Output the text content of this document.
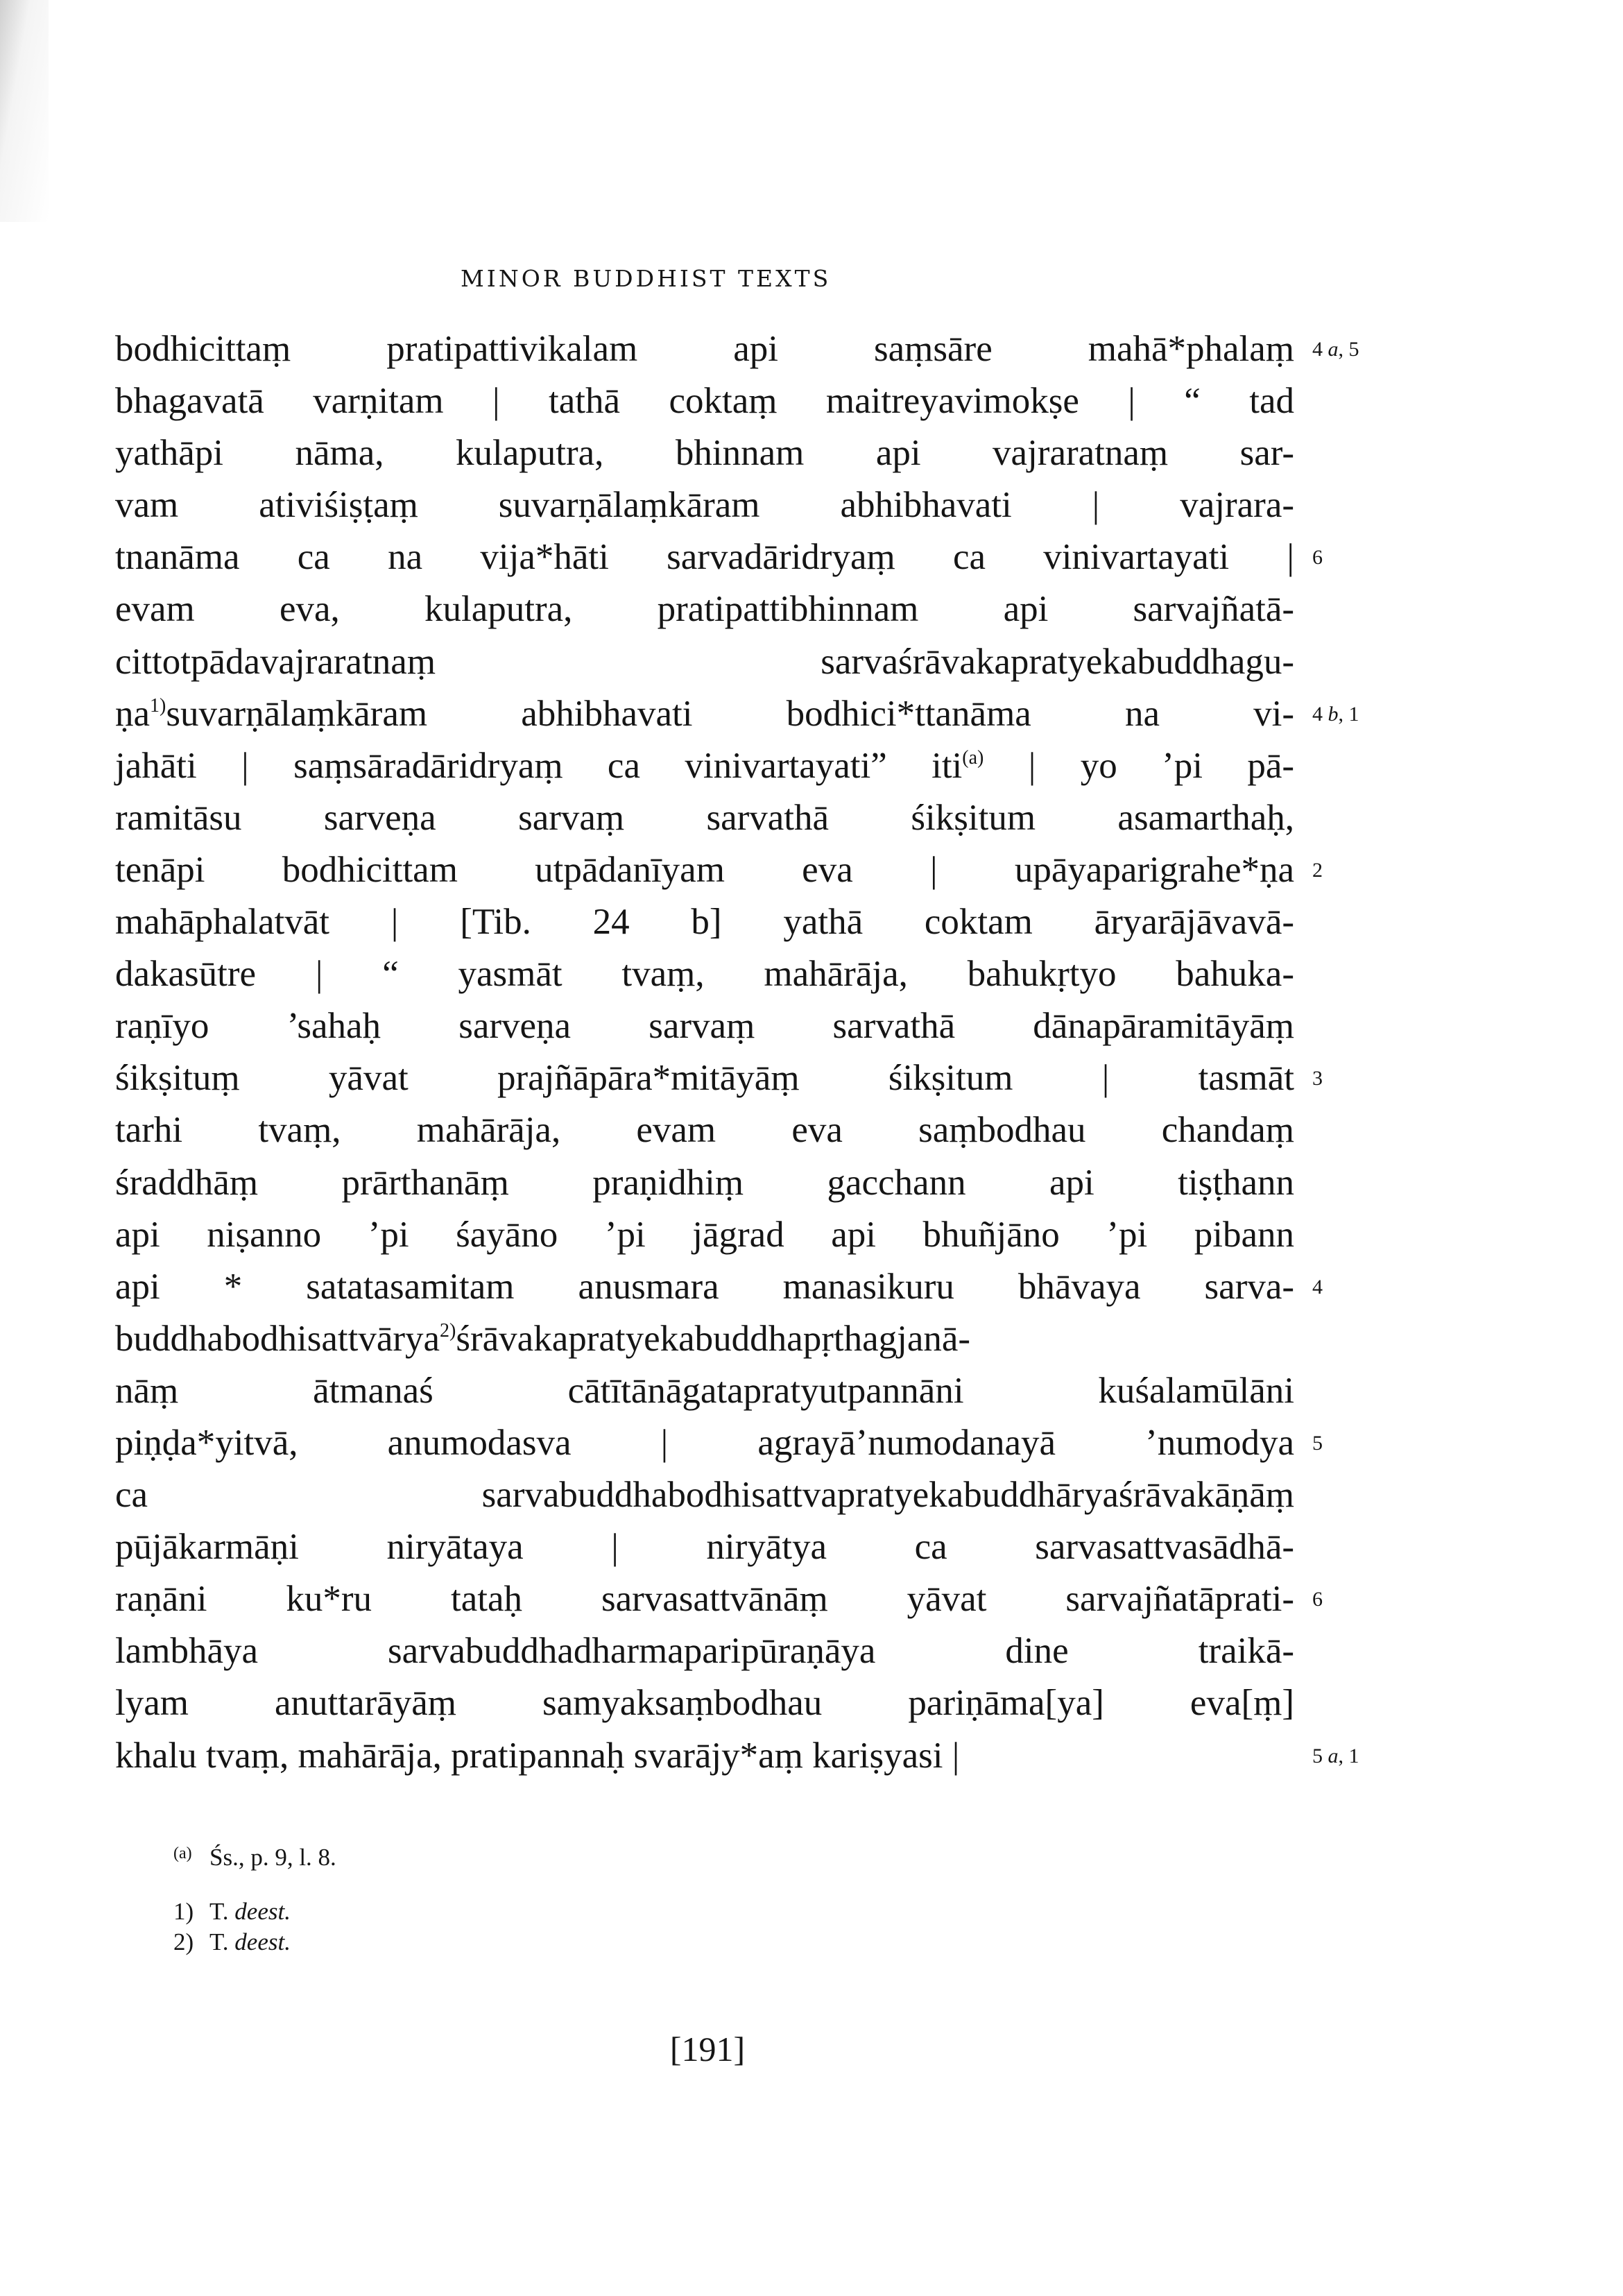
MINOR BUDDHIST TEXTS
bodhicittaṃ pratipattivikalam api saṃsāre mahā*phalaṃ
bhagavatā varṇitam | tathā coktaṃ maitreyavimokṣe | “ tad
yathāpi nāma, kulaputra, bhinnam api vajraratnaṃ sar-
vam ativiśiṣṭaṃ suvarṇālaṃkāram abhibhavati | vajrara-
tnanāma ca na vija*hāti sarvadāridryaṃ ca vinivartayati |
evam eva, kulaputra, pratipattibhinnam api sarvajñatā-
cittotpādavajraratnaṃ sarvaśrāvakapratyekabuddhagu-
ṇa$^{1)}$suvarṇālaṃkāram abhibhavati bodhici*ttanāma na vi-
jahāti | saṃsāradāridryaṃ ca vinivartayati” iti$^{(a)}$ | yo ’pi pā-
ramitāsu sarveṇa sarvaṃ sarvathā śikṣitum asamarthaḥ,
tenāpi bodhicittam utpādanīyam eva | upāyaparigrahe*ṇa
mahāphalatvāt | [Tib. 24 b] yathā coktam āryarājāvavā-
dakasūtre | “ yasmāt tvaṃ, mahārāja, bahukṛtyo bahuka-
raṇīyo ’sahaḥ sarveṇa sarvaṃ sarvathā dānapāramitāyāṃ
śikṣituṃ yāvat prajñāpāra*mitāyāṃ śikṣitum | tasmāt
tarhi tvaṃ, mahārāja, evam eva saṃbodhau chandaṃ
śraddhāṃ prārthanāṃ praṇidhiṃ gacchann api tiṣṭhann
api niṣanno ’pi śayāno ’pi jāgrad api bhuñjāno ’pi pibann
api * satatasamitam anusmara manasikuru bhāvaya sarva-
buddhabodhisattvārya$^{2)}$śrāvakapratyekabuddhapṛthagjanā-
nāṃ ātmanaś cātītānāgatapratyutpannāni kuśalamūlāni
piṇḍa*yitvā, anumodasva | agrayā’numodanayā ’numodya
ca sarvabuddhabodhisattvapratyekabuddhāryaśrāvakāṇāṃ
pūjākarmāṇi niryātaya | niryātya ca sarvasattvasādhā-
raṇāni ku*ru tataḥ sarvasattvānāṃ yāvat sarvajñatāprati-
lambhāya sarvabuddhadharmaparipūraṇāya dine traikā-
lyam anuttarāyāṃ samyaksaṃbodhau pariṇāma[ya] eva[ṃ]
khalu tvaṃ, mahārāja, pratipannaḥ svarājy*aṃ kariṣyasi |
4 a, 5
6
4 b, 1
2
3
4
5
6
5 a, 1
(a) Śs., p. 9, l. 8.
1) T. deest.
2) T. deest.
[191]
